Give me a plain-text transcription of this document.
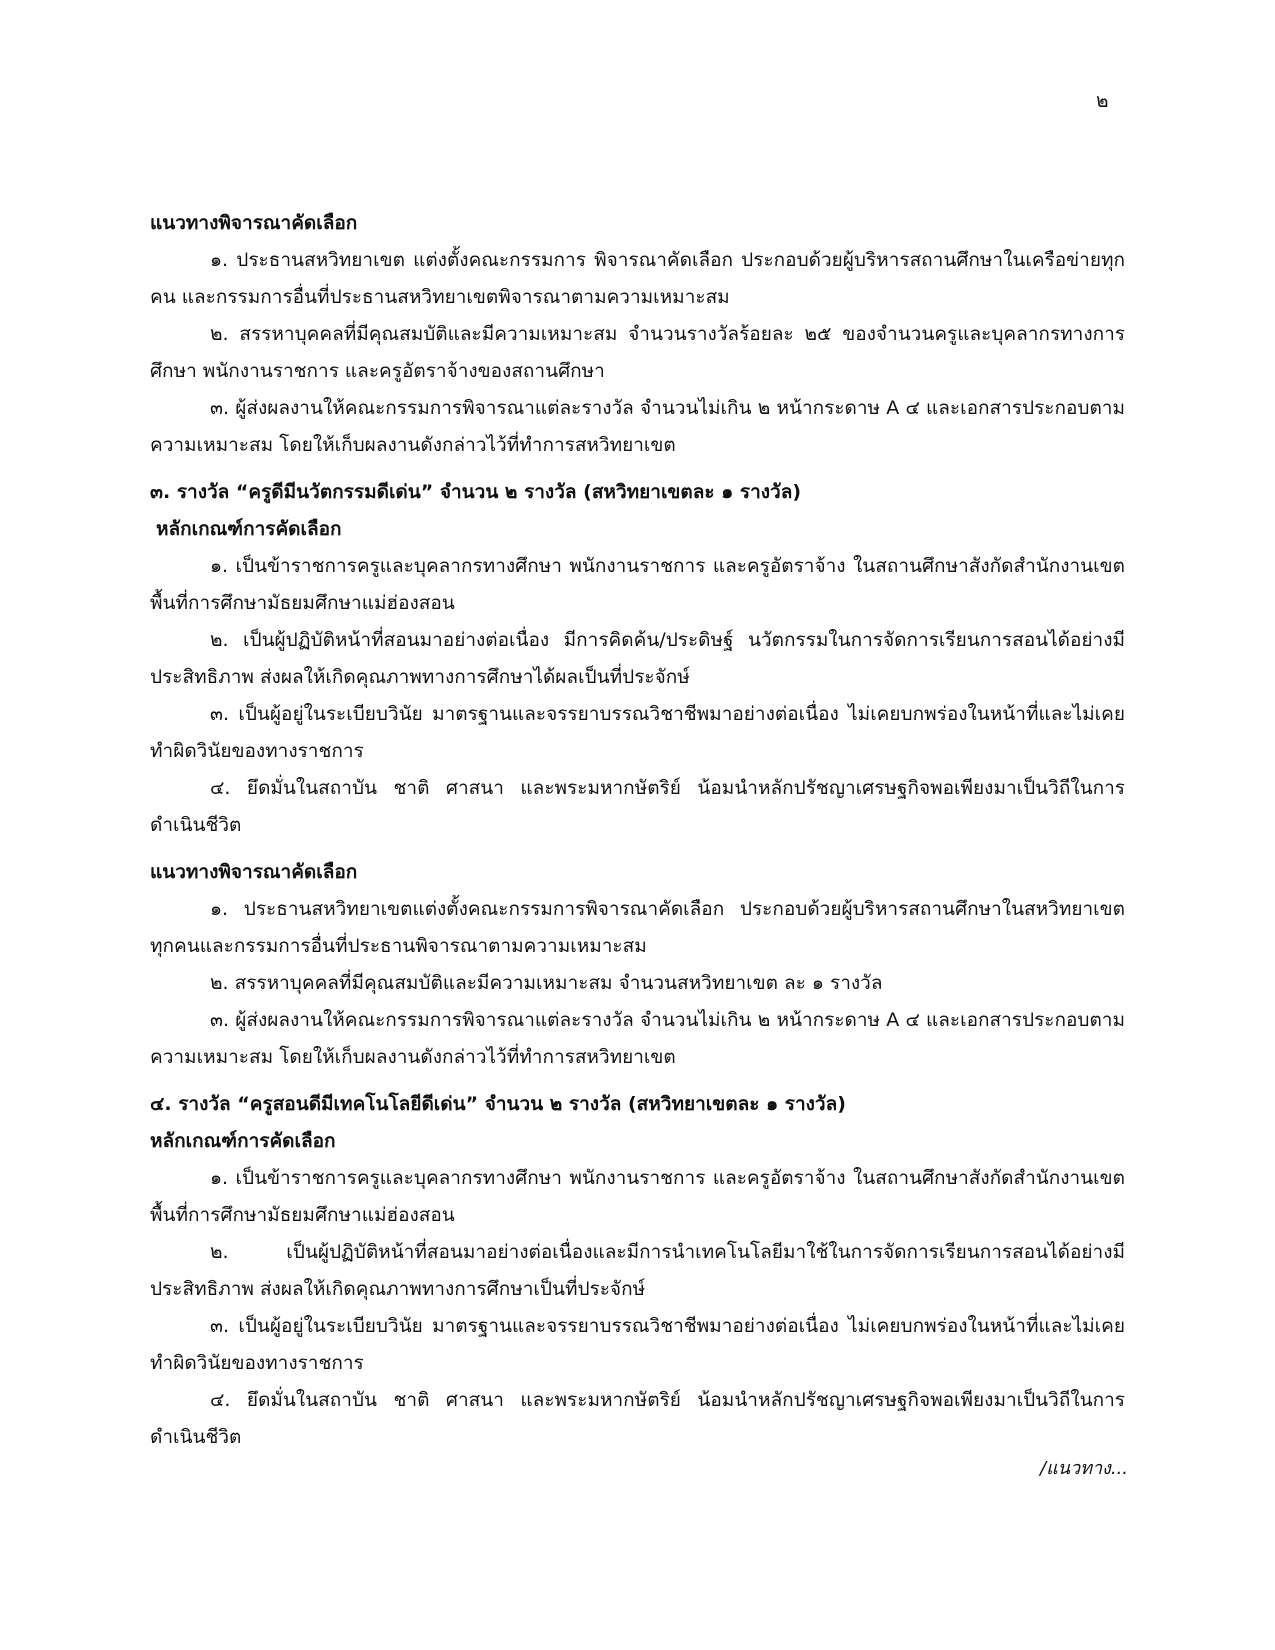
๒

แนวทางพิจารณาคัดเลือก

๑. ประธานสหวิทยาเขต แต่งตั้งคณะกรรมการ พิจารณาคัดเลือก ประกอบด้วยผู้บริหารสถานศึกษาในเครือข่ายทุกคน และกรรมการอื่นที่ประธานสหวิทยาเขตพิจารณาตามความเหมาะสม

๒. สรรหาบุคคลที่มีคุณสมบัติและมีความเหมาะสม จำนวนรางวัลร้อยละ ๒๕ ของจำนวนครูและบุคลากรทางการศึกษา พนักงานราชการ และครูอัตราจ้างของสถานศึกษา

๓. ผู้ส่งผลงานให้คณะกรรมการพิจารณาแต่ละรางวัล จำนวนไม่เกิน ๒ หน้ากระดาษ A ๔ และเอกสารประกอบตามความเหมาะสม โดยให้เก็บผลงานดังกล่าวไว้ที่ทำการสหวิทยาเขต

๓. รางวัล “ครูดีมีนวัตกรรมดีเด่น” จำนวน ๒ รางวัล (สหวิทยาเขตละ ๑ รางวัล)

หลักเกณฑ์การคัดเลือก

๑. เป็นข้าราชการครูและบุคลากรทางศึกษา พนักงานราชการ และครูอัตราจ้าง ในสถานศึกษาสังกัดสำนักงานเขตพื้นที่การศึกษามัธยมศึกษาแม่ฮ่องสอน

๒. เป็นผู้ปฏิบัติหน้าที่สอนมาอย่างต่อเนื่อง มีการคิดค้น/ประดิษฐ์ นวัตกรรมในการจัดการเรียนการสอนได้อย่างมีประสิทธิภาพ ส่งผลให้เกิดคุณภาพทางการศึกษาได้ผลเป็นที่ประจักษ์

๓. เป็นผู้อยู่ในระเบียบวินัย มาตรฐานและจรรยาบรรณวิชาชีพมาอย่างต่อเนื่อง ไม่เคยบกพร่องในหน้าที่และไม่เคยทำผิดวินัยของทางราชการ

๔. ยึดมั่นในสถาบัน ชาติ ศาสนา และพระมหากษัตริย์ น้อมนำหลักปรัชญาเศรษฐกิจพอเพียงมาเป็นวิถีในการดำเนินชีวิต

แนวทางพิจารณาคัดเลือก

๑. ประธานสหวิทยาเขตแต่งตั้งคณะกรรมการพิจารณาคัดเลือก ประกอบด้วยผู้บริหารสถานศึกษาในสหวิทยาเขตทุกคนและกรรมการอื่นที่ประธานพิจารณาตามความเหมาะสม

๒. สรรหาบุคคลที่มีคุณสมบัติและมีความเหมาะสม จำนวนสหวิทยาเขต ละ ๑ รางวัล

๓. ผู้ส่งผลงานให้คณะกรรมการพิจารณาแต่ละรางวัล จำนวนไม่เกิน ๒ หน้ากระดาษ A ๔ และเอกสารประกอบตามความเหมาะสม โดยให้เก็บผลงานดังกล่าวไว้ที่ทำการสหวิทยาเขต

๔. รางวัล “ครูสอนดีมีเทคโนโลยีดีเด่น” จำนวน ๒ รางวัล (สหวิทยาเขตละ ๑ รางวัล)

หลักเกณฑ์การคัดเลือก

๑. เป็นข้าราชการครูและบุคลากรทางศึกษา พนักงานราชการ และครูอัตราจ้าง ในสถานศึกษาสังกัดสำนักงานเขตพื้นที่การศึกษามัธยมศึกษาแม่ฮ่องสอน

๒. เป็นผู้ปฏิบัติหน้าที่สอนมาอย่างต่อเนื่องและมีการนำเทคโนโลยีมาใช้ในการจัดการเรียนการสอนได้อย่างมีประสิทธิภาพ ส่งผลให้เกิดคุณภาพทางการศึกษาเป็นที่ประจักษ์

๓. เป็นผู้อยู่ในระเบียบวินัย มาตรฐานและจรรยาบรรณวิชาชีพมาอย่างต่อเนื่อง ไม่เคยบกพร่องในหน้าที่และไม่เคยทำผิดวินัยของทางราชการ

๔. ยึดมั่นในสถาบัน ชาติ ศาสนา และพระมหากษัตริย์ น้อมนำหลักปรัชญาเศรษฐกิจพอเพียงมาเป็นวิถีในการดำเนินชีวิต

/แนวทาง...
